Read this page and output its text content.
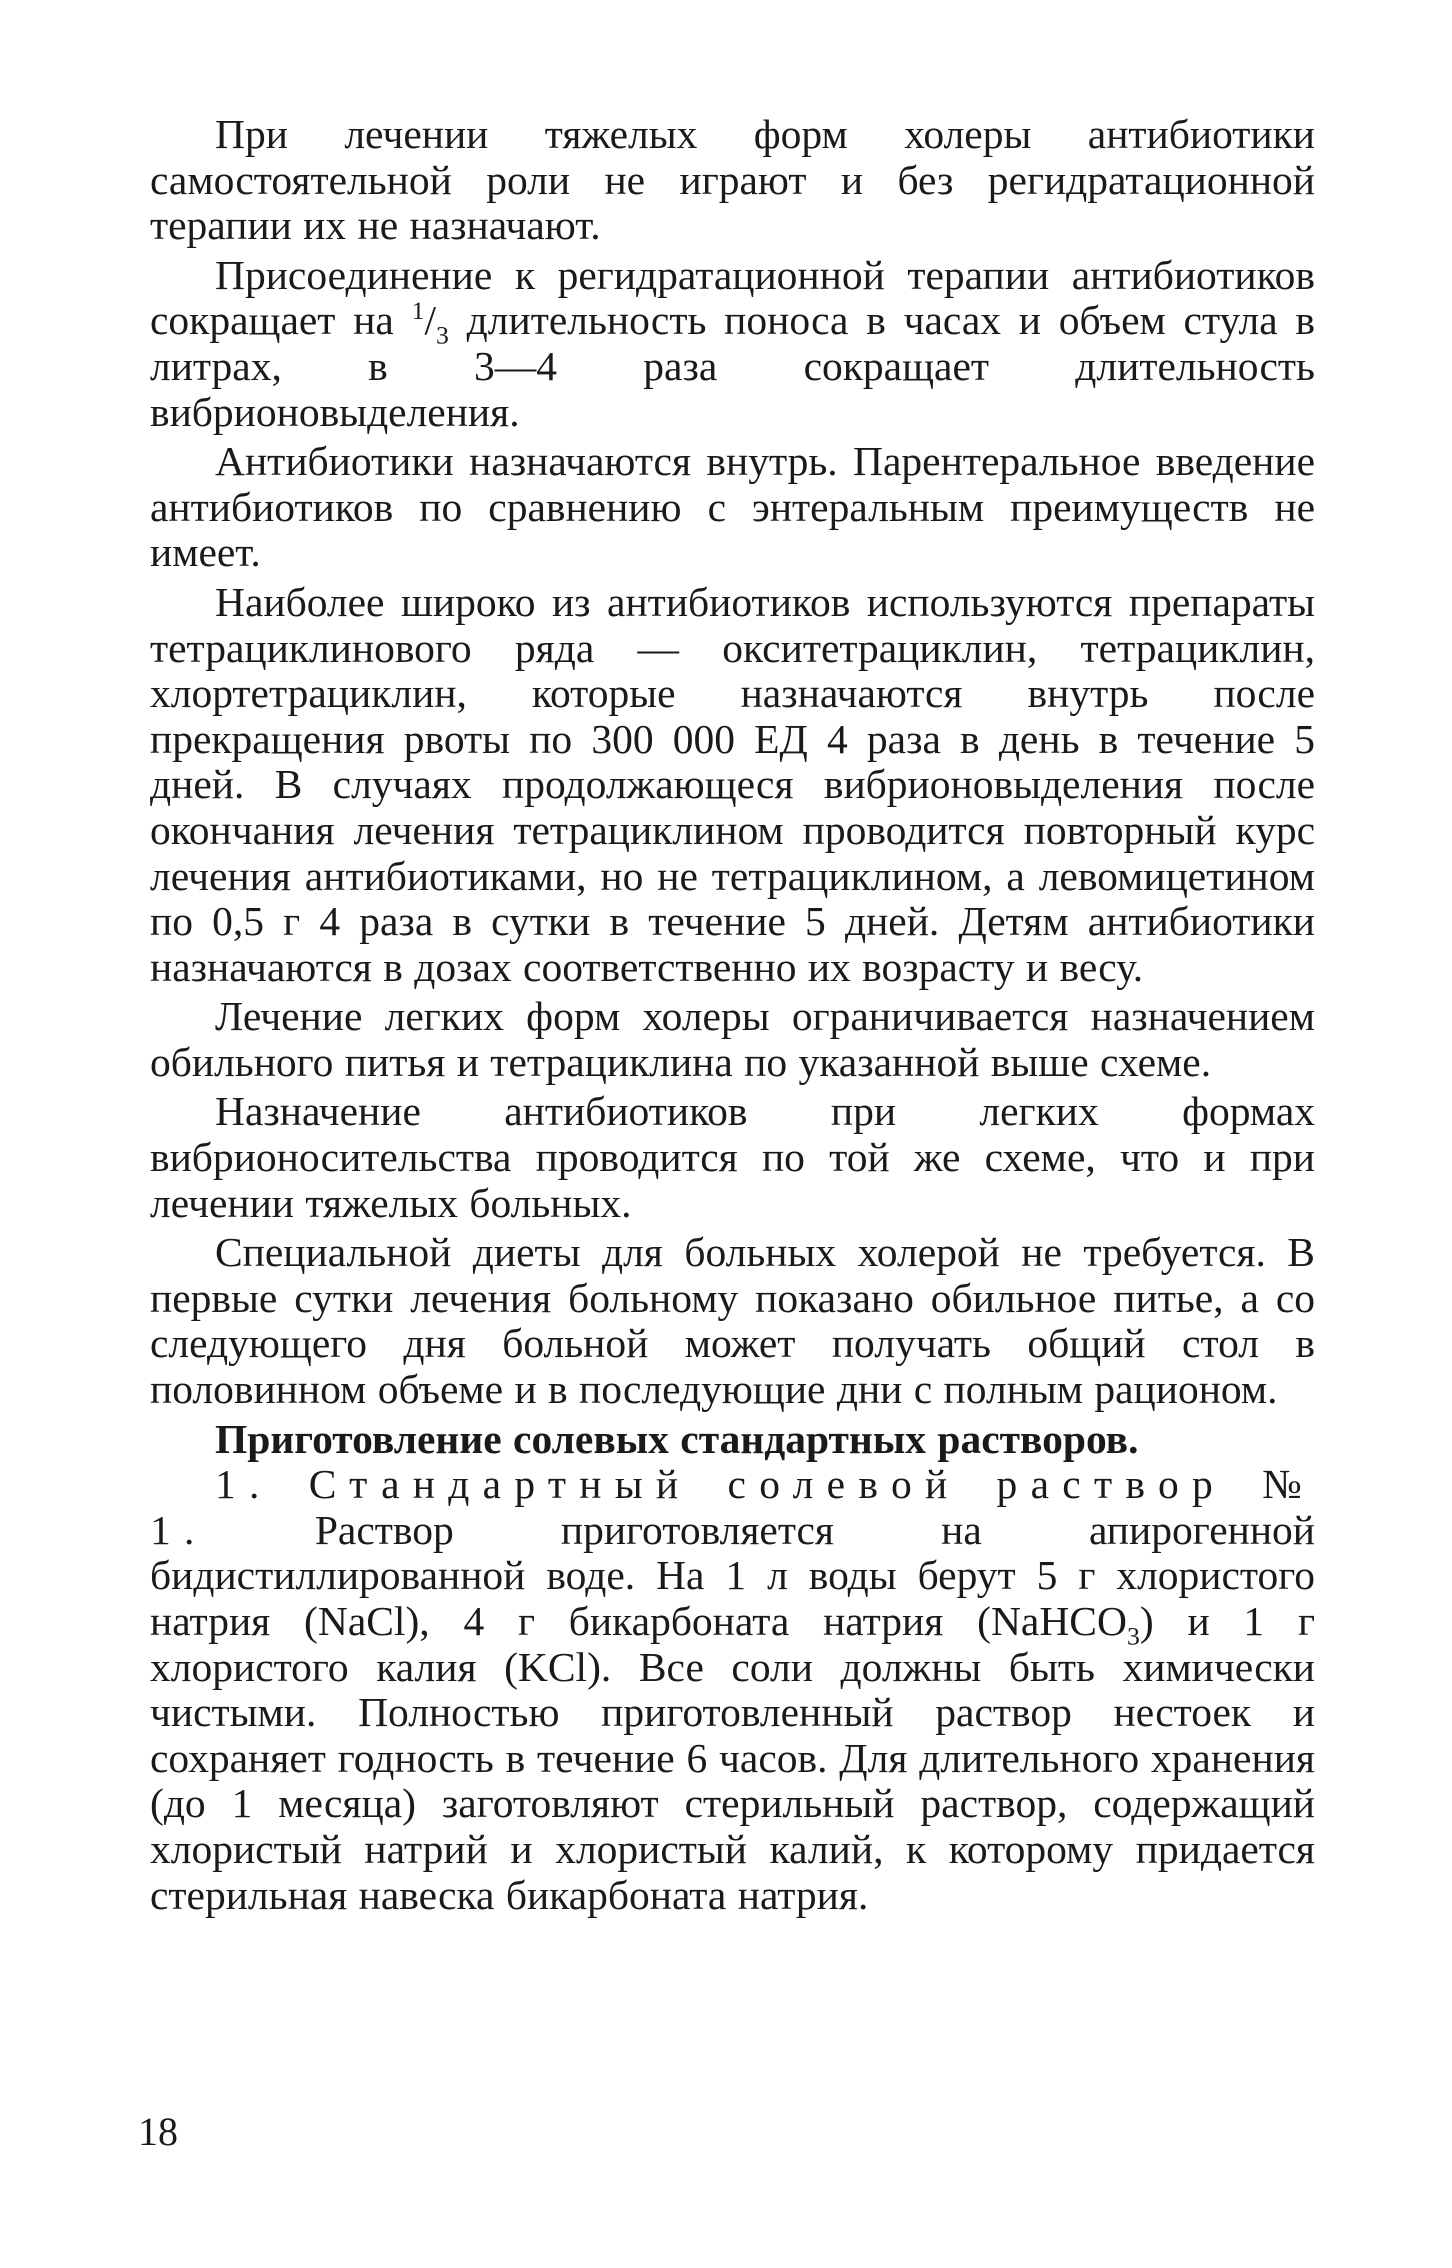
При лечении тяжелых форм холеры антибиотики самостоятельной роли не играют и без регидратационной терапии их не назначают.

Присоединение к регидратационной терапии антибиотиков сокращает на $^1/_3$ длительность поноса в часах и объем стула в литрах, в 3—4 раза сокращает длительность вибрионовыделения.

Антибиотики назначаются внутрь. Парентеральное введение антибиотиков по сравнению с энтеральным преимуществ не имеет.

Наиболее широко из антибиотиков используются препараты тетрациклинового ряда — окситетрациклин, тетрациклин, хлортетрациклин, которые назначаются внутрь после прекращения рвоты по 300 000 ЕД 4 раза в день в течение 5 дней. В случаях продолжающеся вибрионовыделения после окончания лечения тетрациклином проводится повторный курс лечения антибиотиками, но не тетрациклином, а левомицетином по 0,5 г 4 раза в сутки в течение 5 дней. Детям антибиотики назначаются в дозах соответственно их возрасту и весу.

Лечение легких форм холеры ограничивается назначением обильного питья и тетрациклина по указанной выше схеме.

Назначение антибиотиков при легких формах вибрионосительства проводится по той же схеме, что и при лечении тяжелых больных.

Специальной диеты для больных холерой не требуется. В первые сутки лечения больному показано обильное питье, а со следующего дня больной может получать общий стол в половинном объеме и в последующие дни с полным рационом.

Приготовление солевых стандартных растворов.

1. Стандартный солевой раствор № 1. Раствор приготовляется на апирогенной бидистиллированной воде. На 1 л воды берут 5 г хлористого натрия (NaCl), 4 г бикарбоната натрия (NaHCO$_3$) и 1 г хлористого калия (KCl). Все соли должны быть химически чистыми. Полностью приготовленный раствор нестоек и сохраняет годность в течение 6 часов. Для длительного хранения (до 1 месяца) заготовляют стерильный раствор, содержащий хлористый натрий и хлористый калий, к которому придается стерильная навеска бикарбоната натрия.

18
